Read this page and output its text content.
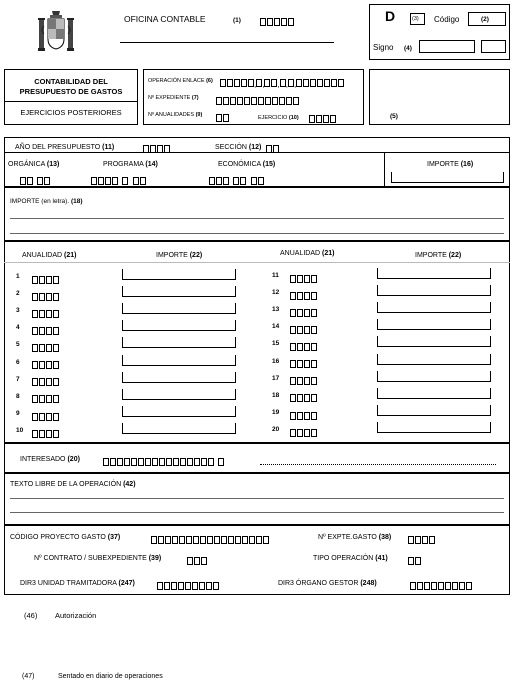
OFICINA CONTABLE	(1)	D	(3) Código	(2)
Signo (4)
CONTABILIDAD DEL
PRESUPUESTO DE GASTOS
EJERCICIOS POSTERIORES
OPERACIÓN ENLACE (6)	, , , , ,
Nº EXPEDIENTE (7)
Nº ANUALIDADES (9)	EJERCICIO (10)	(5)
AÑO DEL PRESUPUESTO (11)	SECCIÓN (12)
ORGÁNICA (13)
	PROGRAMA (14)

	ECONÓMICA (15)

	IMPORTE (16)
IMPORTE (en letra). (18)
ANUALIDAD (21)	IMPORTE (22)	ANUALIDAD (21)	IMPORTE (22)
1
2
3
4
5
6
7
8
9
10
11
12
13
14
15
16
17
18
19
20
INTERESADO (20)

TEXTO LIBRE DE LA OPERACIÓN (42)
CÓDIGO PROYECTO GASTO (37)	Nº EXPTE.GASTO (38)
Nº CONTRATO / SUBEXPEDIENTE (39)	TIPO OPERACIÓN (41)
DIR3 UNIDAD TRAMITADORA (247)	DIR3 ÓRGANO GESTOR (248)
(46) Autorización
(47)	Sentado en diario de operaciones
